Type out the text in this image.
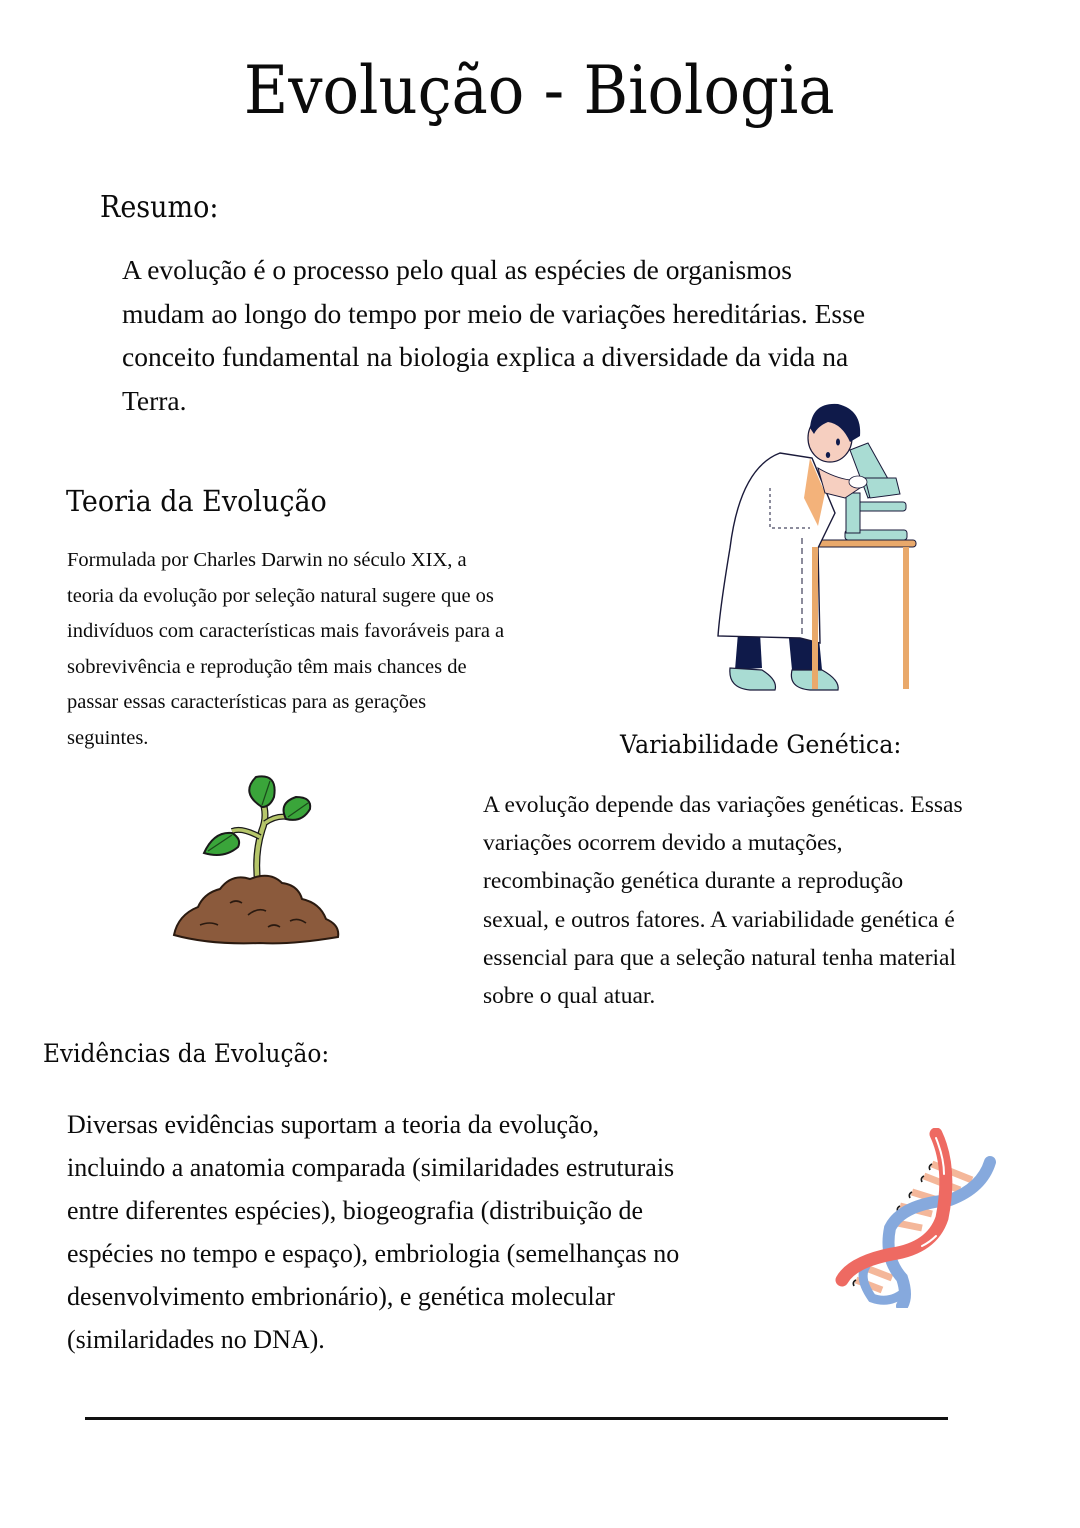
Evolução - Biologia
Resumo:
A evolução é o processo pelo qual as espécies de organismos
mudam ao longo do tempo por meio de variações hereditárias. Esse
conceito fundamental na biologia explica a diversidade da vida na
Terra.
Teoria da Evolução
Formulada por Charles Darwin no século XIX, a
teoria da evolução por seleção natural sugere que os
indivíduos com características mais favoráveis para a
sobrevivência e reprodução têm mais chances de
passar essas características para as gerações
seguintes.	Variabilidade Genética:
A evolução depende das variações genéticas. Essas
variações ocorrem devido a mutações,
recombinação genética durante a reprodução
sexual, e outros fatores. A variabilidade genética é
essencial para que a seleção natural tenha material
sobre o qual atuar.
Evidências da Evolução:
Diversas evidências suportam a teoria da evolução,
incluindo a anatomia comparada (similaridades estruturais
entre diferentes espécies), biogeografia (distribuição de
espécies no tempo e espaço), embriologia (semelhanças no
desenvolvimento embrionário), e genética molecular
(similaridades no DNA).
